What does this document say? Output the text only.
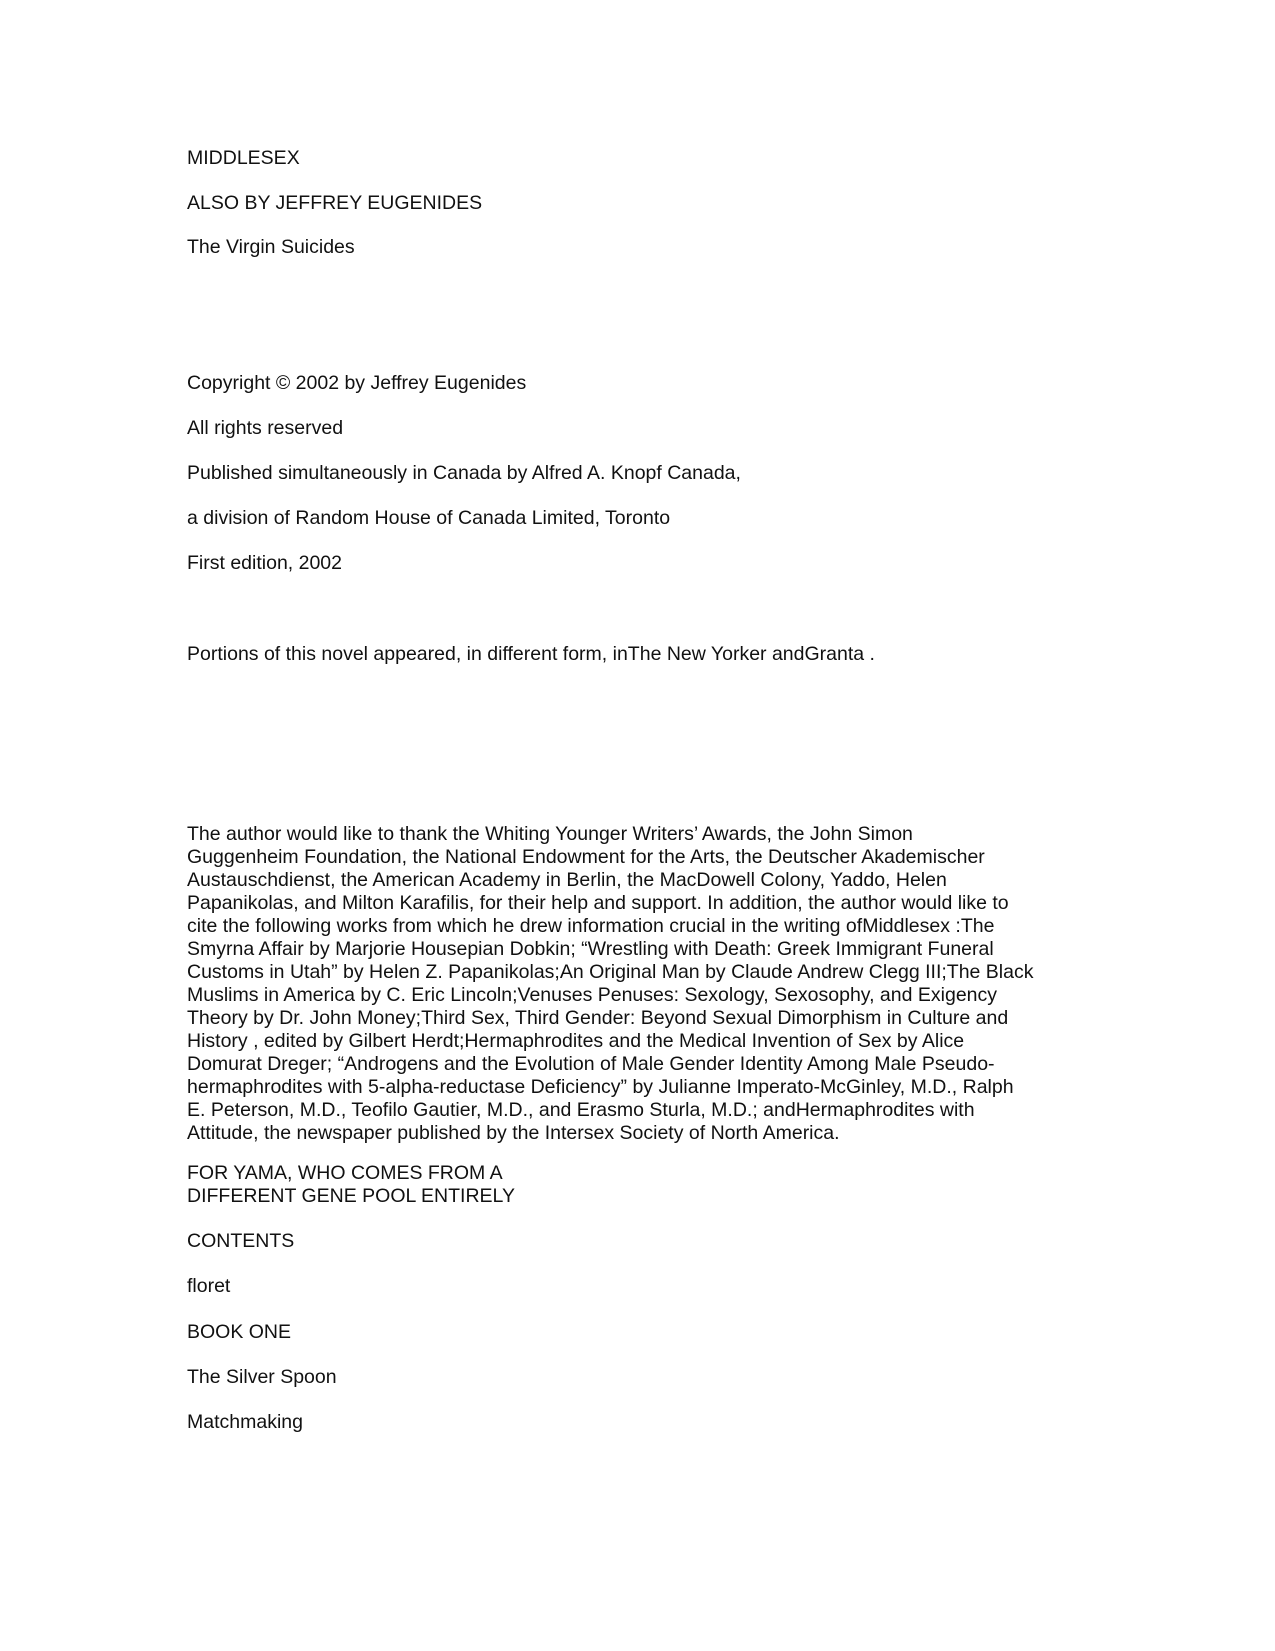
MIDDLESEX

ALSO BY JEFFREY EUGENIDES

The Virgin Suicides

Copyright © 2002 by Jeffrey Eugenides

All rights reserved

Published simultaneously in Canada by Alfred A. Knopf Canada,

a division of Random House of Canada Limited, Toronto

First edition, 2002

Portions of this novel appeared, in different form, inThe New Yorker andGranta .

The author would like to thank the Whiting Younger Writers’ Awards, the John Simon
Guggenheim Foundation, the National Endowment for the Arts, the Deutscher Akademischer
Austauschdienst, the American Academy in Berlin, the MacDowell Colony, Yaddo, Helen
Papanikolas, and Milton Karafilis, for their help and support. In addition, the author would like to
cite the following works from which he drew information crucial in the writing ofMiddlesex :The
Smyrna Affair by Marjorie Housepian Dobkin; “Wrestling with Death: Greek Immigrant Funeral
Customs in Utah” by Helen Z. Papanikolas;An Original Man by Claude Andrew Clegg III;The Black
Muslims in America by C. Eric Lincoln;Venuses Penuses: Sexology, Sexosophy, and Exigency
Theory by Dr. John Money;Third Sex, Third Gender: Beyond Sexual Dimorphism in Culture and
History , edited by Gilbert Herdt;Hermaphrodites and the Medical Invention of Sex by Alice
Domurat Dreger; “Androgens and the Evolution of Male Gender Identity Among Male Pseudo-
hermaphrodites with 5-alpha-reductase Deficiency” by Julianne Imperato-McGinley, M.D., Ralph
E. Peterson, M.D., Teofilo Gautier, M.D., and Erasmo Sturla, M.D.; andHermaphrodites with
Attitude, the newspaper published by the Intersex Society of North America.

FOR YAMA, WHO COMES FROM A
DIFFERENT GENE POOL ENTIRELY

CONTENTS

floret

BOOK ONE

The Silver Spoon

Matchmaking
